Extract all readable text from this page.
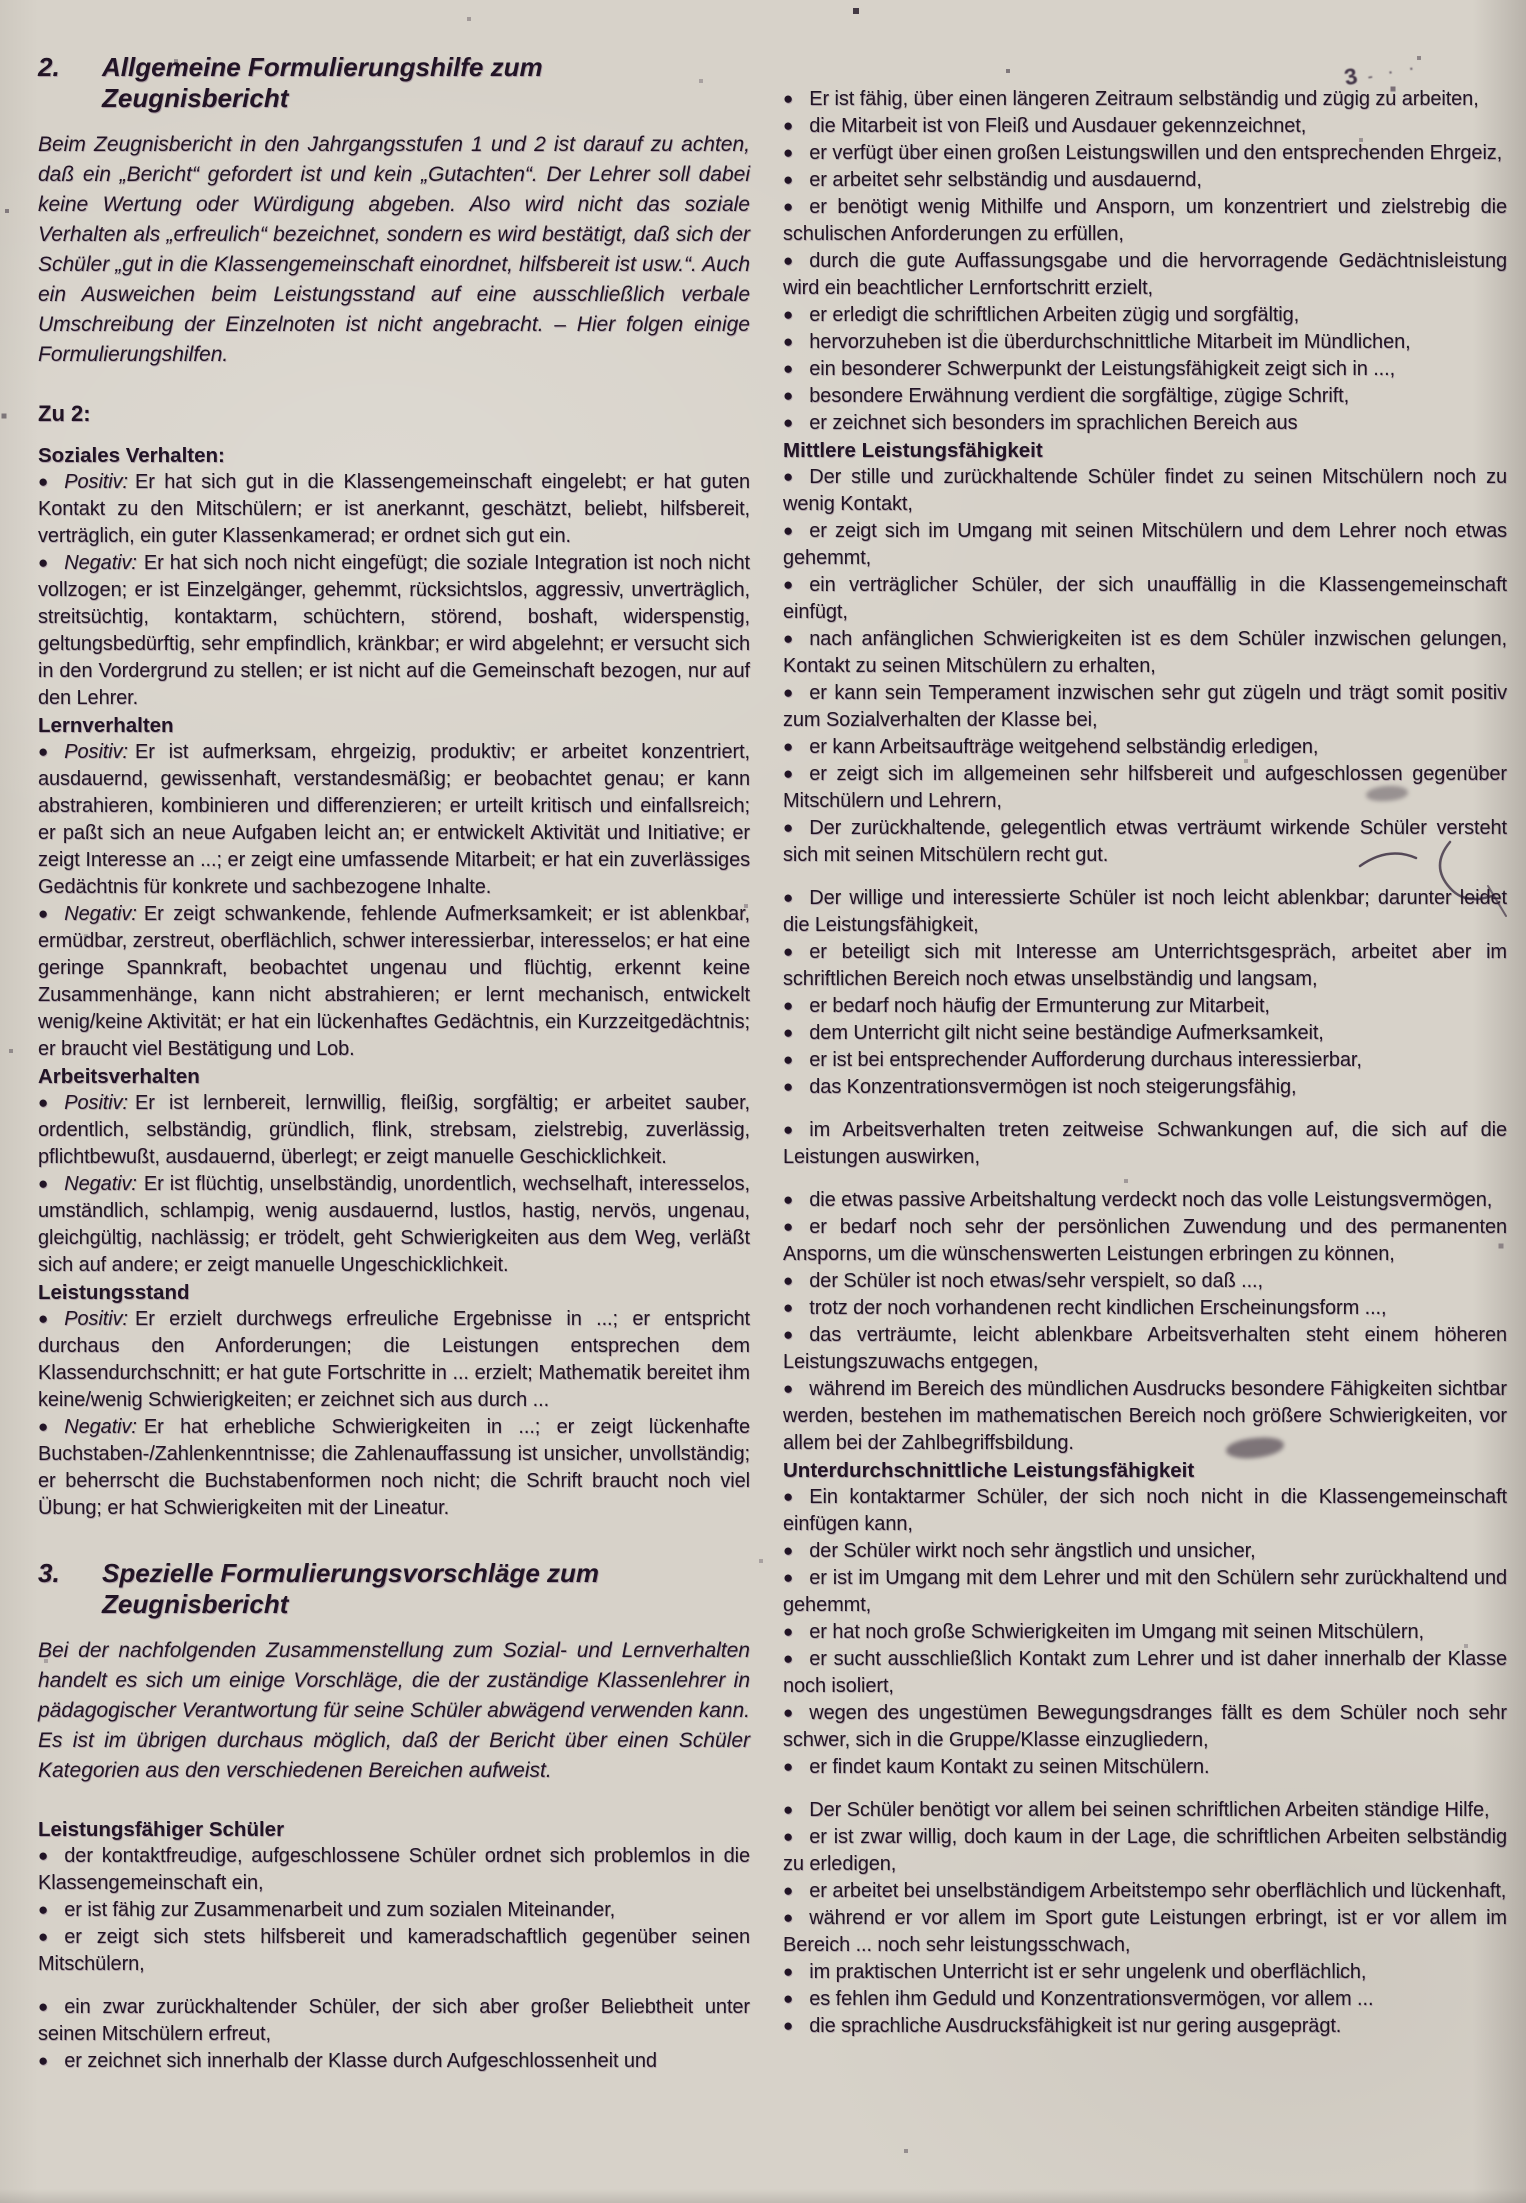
3 ‐ · ·
2.	Allgemeine Formulierungshilfe zum
Zeugnisbericht

Beim Zeugnisbericht in den Jahrgangsstufen 1 und 2 ist darauf zu achten, daß ein „Bericht“ gefordert ist und kein „Gutachten“. Der Lehrer soll dabei keine Wertung oder Würdigung abgeben. Also wird nicht das soziale Verhalten als „erfreulich“ bezeichnet, sondern es wird bestätigt, daß sich der Schüler „gut in die Klassengemeinschaft einordnet, hilfsbereit ist usw.“. Auch ein Ausweichen beim Leistungsstand auf eine ausschließlich verbale Umschreibung der Einzelnoten ist nicht angebracht. – Hier folgen einige Formulierungshilfen.

Zu 2:

Soziales Verhalten:

● Positiv: Er hat sich gut in die Klassengemeinschaft eingelebt; er hat guten Kontakt zu den Mitschülern; er ist anerkannt, geschätzt, beliebt, hilfsbereit, verträglich, ein guter Klassenkamerad; er ordnet sich gut ein.

● Negativ: Er hat sich noch nicht eingefügt; die soziale Integration ist noch nicht vollzogen; er ist Einzelgänger, gehemmt, rücksichtslos, aggressiv, unverträglich, streitsüchtig, kontaktarm, schüchtern, störend, boshaft, widerspenstig, geltungsbedürftig, sehr empfindlich, kränkbar; er wird abgelehnt; er versucht sich in den Vordergrund zu stellen; er ist nicht auf die Gemeinschaft bezogen, nur auf den Lehrer.

Lernverhalten

● Positiv: Er ist aufmerksam, ehrgeizig, produktiv; er arbeitet konzentriert, ausdauernd, gewissenhaft, verstandesmäßig; er beobachtet genau; er kann abstrahieren, kombinieren und differenzieren; er urteilt kritisch und einfallsreich; er paßt sich an neue Aufgaben leicht an; er entwickelt Aktivität und Initiative; er zeigt Interesse an ...; er zeigt eine umfassende Mitarbeit; er hat ein zuverlässiges Gedächtnis für konkrete und sachbezogene Inhalte.

● Negativ: Er zeigt schwankende, fehlende Aufmerksamkeit; er ist ablenkbar, ermüdbar, zerstreut, oberflächlich, schwer interessierbar, interesselos; er hat eine geringe Spannkraft, beobachtet ungenau und flüchtig, erkennt keine Zusammenhänge, kann nicht abstrahieren; er lernt mechanisch, entwickelt wenig/keine Aktivität; er hat ein lückenhaftes Gedächtnis, ein Kurzzeitgedächtnis; er braucht viel Bestätigung und Lob.

Arbeitsverhalten

● Positiv: Er ist lernbereit, lernwillig, fleißig, sorgfältig; er arbeitet sauber, ordentlich, selbständig, gründlich, flink, strebsam, zielstrebig, zuverlässig, pflichtbewußt, ausdauernd, überlegt; er zeigt manuelle Geschicklichkeit.

● Negativ: Er ist flüchtig, unselbständig, unordentlich, wechselhaft, interesselos, umständlich, schlampig, wenig ausdauernd, lustlos, hastig, nervös, ungenau, gleichgültig, nachlässig; er trödelt, geht Schwierigkeiten aus dem Weg, verläßt sich auf andere; er zeigt manuelle Ungeschicklichkeit.

Leistungsstand

● Positiv: Er erzielt durchwegs erfreuliche Ergebnisse in ...; er entspricht durchaus den Anforderungen; die Leistungen entsprechen dem Klassendurchschnitt; er hat gute Fortschritte in ... erzielt; Mathematik bereitet ihm keine/wenig Schwierigkeiten; er zeichnet sich aus durch ...

● Negativ: Er hat erhebliche Schwierigkeiten in ...; er zeigt lückenhafte Buchstaben-/Zahlenkenntnisse; die Zahlenauffassung ist unsicher, unvollständig; er beherrscht die Buchstabenformen noch nicht; die Schrift braucht noch viel Übung; er hat Schwierigkeiten mit der Lineatur.

3.	Spezielle Formulierungsvorschläge zum
Zeugnisbericht

Bei der nachfolgenden Zusammenstellung zum Sozial- und Lernverhalten handelt es sich um einige Vorschläge, die der zuständige Klassenlehrer in pädagogischer Verantwortung für seine Schüler abwägend verwenden kann. Es ist im übrigen durchaus möglich, daß der Bericht über einen Schüler Kategorien aus den verschiedenen Bereichen aufweist.

Leistungsfähiger Schüler

● der kontaktfreudige, aufgeschlossene Schüler ordnet sich problemlos in die Klassengemeinschaft ein,

● er ist fähig zur Zusammenarbeit und zum sozialen Miteinander,

● er zeigt sich stets hilfsbereit und kameradschaftlich gegenüber seinen Mitschülern,

● ein zwar zurückhaltender Schüler, der sich aber großer Beliebtheit unter seinen Mitschülern erfreut,

● er zeichnet sich innerhalb der Klasse durch Aufgeschlossenheit und

● Er ist fähig, über einen längeren Zeitraum selbständig und zügig zu arbeiten,

● die Mitarbeit ist von Fleiß und Ausdauer gekennzeichnet,

● er verfügt über einen großen Leistungswillen und den entsprechenden Ehrgeiz,

● er arbeitet sehr selbständig und ausdauernd,

● er benötigt wenig Mithilfe und Ansporn, um konzentriert und zielstrebig die schulischen Anforderungen zu erfüllen,

● durch die gute Auffassungsgabe und die hervorragende Gedächtnisleistung wird ein beachtlicher Lernfortschritt erzielt,

● er erledigt die schriftlichen Arbeiten zügig und sorgfältig,

● hervorzuheben ist die überdurchschnittliche Mitarbeit im Mündlichen,

● ein besonderer Schwerpunkt der Leistungsfähigkeit zeigt sich in ...,

● besondere Erwähnung verdient die sorgfältige, zügige Schrift,

● er zeichnet sich besonders im sprachlichen Bereich aus

Mittlere Leistungsfähigkeit

● Der stille und zurückhaltende Schüler findet zu seinen Mitschülern noch zu wenig Kontakt,

● er zeigt sich im Umgang mit seinen Mitschülern und dem Lehrer noch etwas gehemmt,

● ein verträglicher Schüler, der sich unauffällig in die Klassengemeinschaft einfügt,

● nach anfänglichen Schwierigkeiten ist es dem Schüler inzwischen gelungen, Kontakt zu seinen Mitschülern zu erhalten,

● er kann sein Temperament inzwischen sehr gut zügeln und trägt somit positiv zum Sozialverhalten der Klasse bei,

● er kann Arbeitsaufträge weitgehend selbständig erledigen,

● er zeigt sich im allgemeinen sehr hilfsbereit und aufgeschlossen gegenüber Mitschülern und Lehrern,

● Der zurückhaltende, gelegentlich etwas verträumt wirkende Schüler versteht sich mit seinen Mitschülern recht gut.

● Der willige und interessierte Schüler ist noch leicht ablenkbar; darunter leidet die Leistungsfähigkeit,

● er beteiligt sich mit Interesse am Unterrichtsgespräch, arbeitet aber im schriftlichen Bereich noch etwas unselbständig und langsam,

● er bedarf noch häufig der Ermunterung zur Mitarbeit,

● dem Unterricht gilt nicht seine beständige Aufmerksamkeit,

● er ist bei entsprechender Aufforderung durchaus interessierbar,

● das Konzentrationsvermögen ist noch steigerungsfähig,

● im Arbeitsverhalten treten zeitweise Schwankungen auf, die sich auf die Leistungen auswirken,

● die etwas passive Arbeitshaltung verdeckt noch das volle Leistungsvermögen,

● er bedarf noch sehr der persönlichen Zuwendung und des permanenten Ansporns, um die wünschenswerten Leistungen erbringen zu können,

● der Schüler ist noch etwas/sehr verspielt, so daß ...,

● trotz der noch vorhandenen recht kindlichen Erscheinungsform ...,

● das verträumte, leicht ablenkbare Arbeitsverhalten steht einem höheren Leistungszuwachs entgegen,

● während im Bereich des mündlichen Ausdrucks besondere Fähigkeiten sichtbar werden, bestehen im mathematischen Bereich noch größere Schwierigkeiten, vor allem bei der Zahlbegriffsbildung.

Unterdurchschnittliche Leistungsfähigkeit

● Ein kontaktarmer Schüler, der sich noch nicht in die Klassengemeinschaft einfügen kann,

● der Schüler wirkt noch sehr ängstlich und unsicher,

● er ist im Umgang mit dem Lehrer und mit den Schülern sehr zurückhaltend und gehemmt,

● er hat noch große Schwierigkeiten im Umgang mit seinen Mitschülern,

● er sucht ausschließlich Kontakt zum Lehrer und ist daher innerhalb der Klasse noch isoliert,

● wegen des ungestümen Bewegungsdranges fällt es dem Schüler noch sehr schwer, sich in die Gruppe/Klasse einzugliedern,

● er findet kaum Kontakt zu seinen Mitschülern.

● Der Schüler benötigt vor allem bei seinen schriftlichen Arbeiten ständige Hilfe,

● er ist zwar willig, doch kaum in der Lage, die schriftlichen Arbeiten selbständig zu erledigen,

● er arbeitet bei unselbständigem Arbeitstempo sehr oberflächlich und lückenhaft,

● während er vor allem im Sport gute Leistungen erbringt, ist er vor allem im Bereich ... noch sehr leistungsschwach,

● im praktischen Unterricht ist er sehr ungelenk und oberflächlich,

● es fehlen ihm Geduld und Konzentrationsvermögen, vor allem ...

● die sprachliche Ausdrucksfähigkeit ist nur gering ausgeprägt.
